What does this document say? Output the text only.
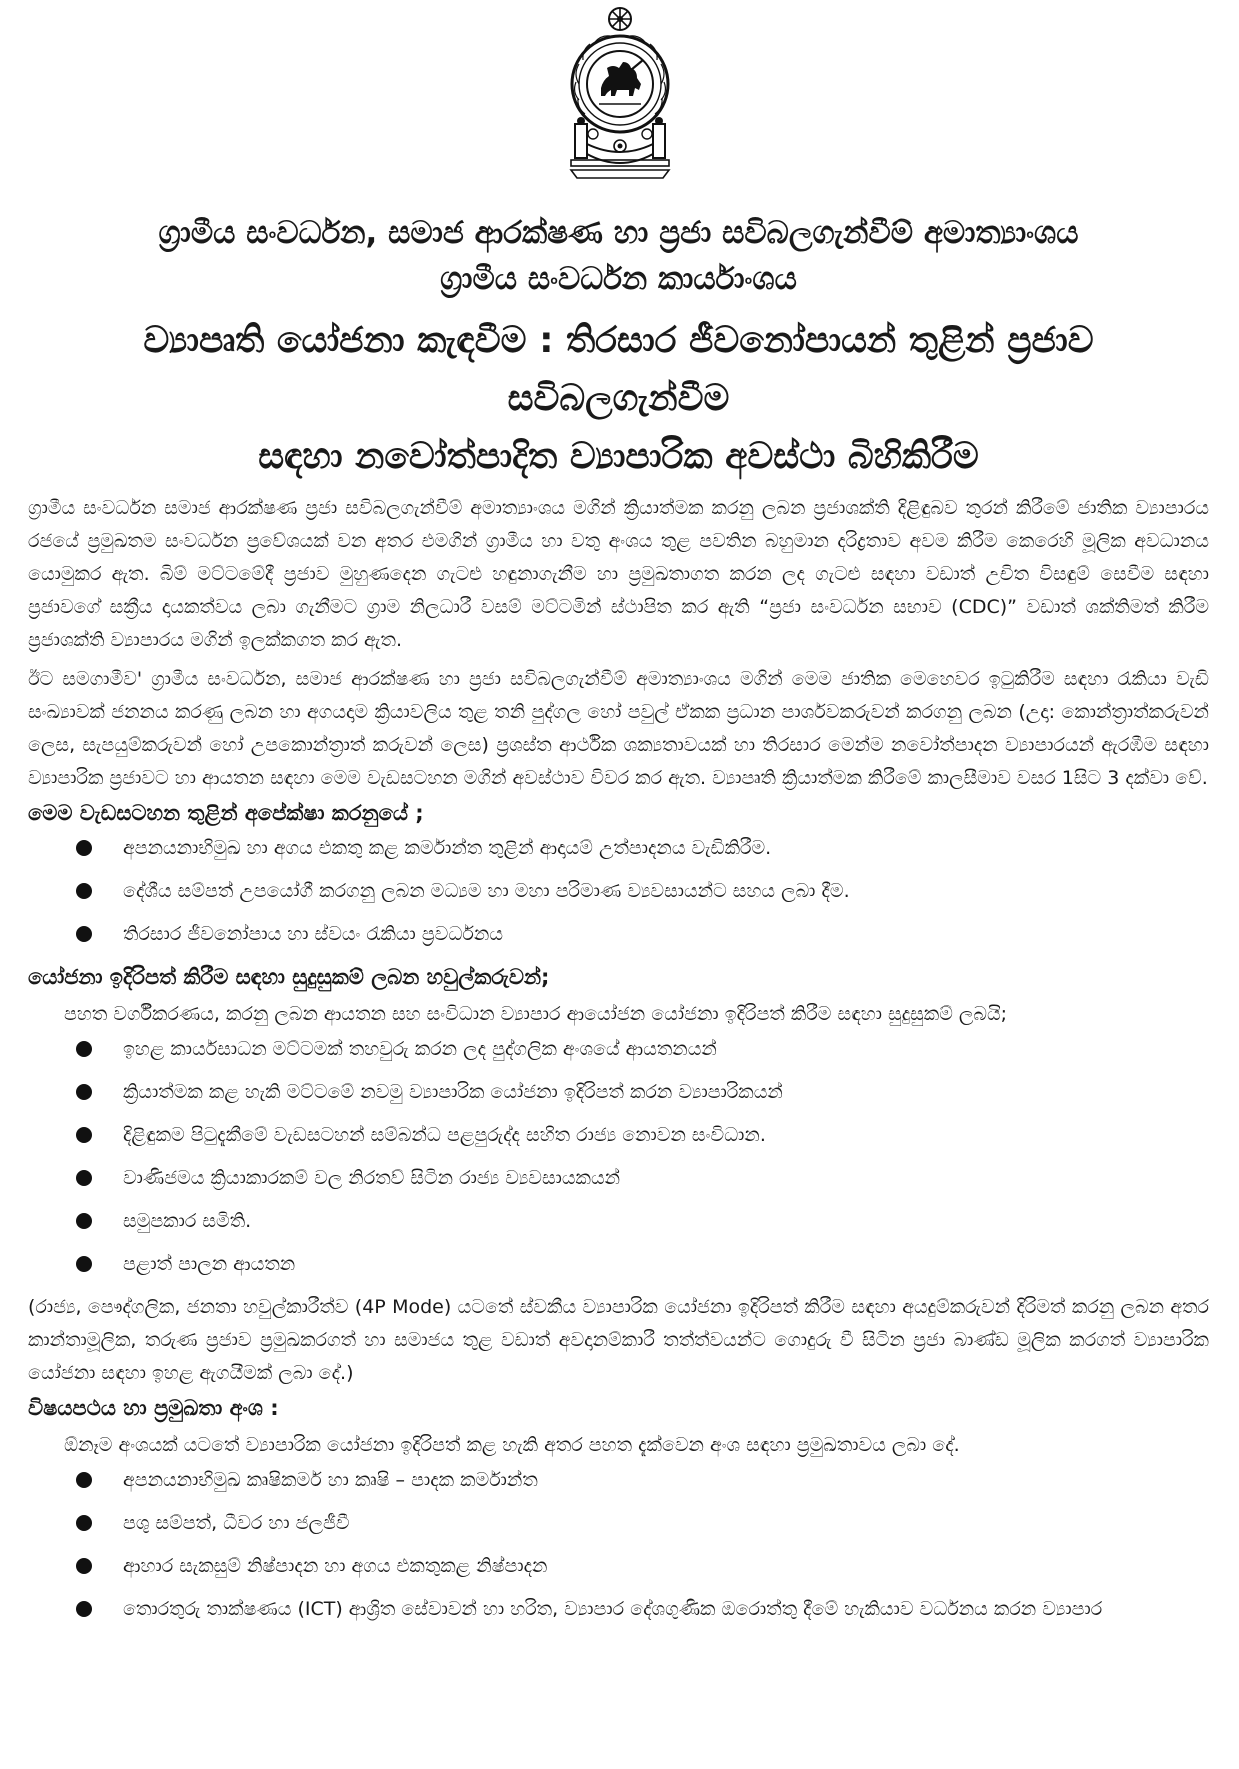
ග්‍රාමීය සංවර්ධන, සමාජ ආරක්ෂණ හා ප්‍රජා සවිබලගැන්වීම් අමාත්‍යාංශය
ග්‍රාමීය සංවර්ධන කාර්යාංශය
ව්‍යාපෘති යෝජනා කැඳවීම : තිරසාර ජීවනෝපායන් තුළින් ප්‍රජාව සවිබලගැන්වීම
සඳහා නවෝත්පාදිත ව්‍යාපාරික අවස්ථා බිහිකිරීම

ග්‍රාමීය සංවර්ධන සමාජ ආරක්ෂණ ප්‍රජා සවිබලගැන්වීම් අමාත්‍යාංශය මගින් ක්‍රියාත්මක කරනු ලබන ප්‍රජාශක්ති දිළිඳුබව තුරන් කිරීමේ ජාතික ව්‍යාපාරය රජයේ ප්‍රමුඛතම සංවර්ධන ප්‍රවේශයක් වන අතර එමගින් ග්‍රාමීය හා වතු අංශය තුළ පවතින බහුමාන දරිද්‍රතාව අවම කිරීම කෙරෙහි මූලික අවධානය යොමුකර ඇත. බිම් මට්ටමේදී ප්‍රජාව මුහුණදෙන ගැටළු හඳුනාගැනීම හා ප්‍රමුඛතාගත කරන ලද ගැටළු සඳහා වඩාත් උචිත විසඳුම් සෙවීම සඳහා ප්‍රජාවගේ සක්‍රීය දායකත්වය ලබා ගැනීමට ග්‍රාම නිලධාරී වසම් මට්ටමින් ස්ථාපිත කර ඇති “ප්‍රජා සංවර්ධන සභාව (CDC)” වඩාත් ශක්තිමත් කිරීම ප්‍රජාශක්ති ව්‍යාපාරය මගින් ඉලක්කගත කර ඇත.

ඊට සමගාමීව' ග්‍රාමීය සංවර්ධන, සමාජ ආරක්ෂණ හා ප්‍රජා සවිබලගැන්වීම් අමාත්‍යාංශය මගින් මෙම ජාතික මෙහෙවර ඉටුකිරීම සඳහා රැකියා වැඩි සංඛ්‍යාවක් ජනනය කරණු ලබන හා අගයදාම ක්‍රියාවලිය තුළ තනි පුද්ගල හෝ පවුල් ඒකක ප්‍රධාන පාර්ශවකරුවන් කරගනු ලබන (උදා: කොන්ත්‍රාත්කරුවන් ලෙස, සැපයුම්කරුවන් හෝ උපකොන්ත්‍රාත් කරුවන් ලෙස) ප්‍රශස්ත ආර්ථික ශක්‍යතාවයක් හා තිරසාර මෙන්ම නවෝත්පාදන ව්‍යාපාරයන් ඇරඹීම සඳහා ව්‍යාපාරික ප්‍රජාවට හා ආයතන සඳහා මෙම වැඩසටහන මගින් අවස්ථාව විවර කර ඇත. ව්‍යාපෘති ක්‍රියාත්මක කිරීමේ කාලසීමාව වසර 1සිට 3 දක්වා වේ.

මෙම වැඩසටහන තුළින් අපේක්ෂා කරනුයේ ;
අපනයනාභිමුඛ හා අගය එකතු කළ කර්මාන්ත තුළින් ආදායම් උත්පාදනය වැඩිකිරීම.
දේශීය සම්පත් උපයෝගී කරගනු ලබන මධ්‍යම හා මහා පරිමාණ ව්‍යවසායන්ට සහය ලබා දීම.
තිරසාර ජීවනෝපාය හා ස්වයං රැකියා ප්‍රවර්ධනය
යෝජනා ඉදිරිපත් කිරීම සඳහා සුදුසුකම් ලබන හවුල්කරුවන්;
පහත වර්ගීකරණය, කරනු ලබන ආයතන සහ සංවිධාන ව්‍යාපාර ආයෝජන යෝජනා ඉදිරිපත් කිරීම සඳහා සුදුසුකම් ලබයි;
ඉහළ කාර්යසාධන මට්ටමක් තහවුරු කරන ලද පුද්ගලික අංශයේ ආයතනයන්
ක්‍රියාත්මක කළ හැකි මට්ටමේ නවමු ව්‍යාපාරික යෝජනා ඉදිරිපත් කරන ව්‍යාපාරිකයන්
දිළිඳුකම පිටුදැකීමේ වැඩසටහන් සම්බන්ධ පළපුරුද්ද සහිත රාජ්‍ය නොවන සංවිධාන.
වාණිජමය ක්‍රියාකාරකම් වල නිරතව් සිටින රාජ්‍ය ව්‍යවසායකයන්
සමුපකාර සමිති.
පළාත් පාලන ආයතන

(රාජ්‍ය, පෞද්ගලික, ජනතා හවුල්කාරීත්ව (4P Mode) යටතේ ස්වකීය ව්‍යාපාරික යෝජනා ඉදිරිපත් කිරීම සඳහා අයදුම්කරුවන් දිරිමත් කරනු ලබන අතර කාන්තාමූලික, තරුණ ප්‍රජාව ප්‍රමුඛකරගත් හා සමාජය තුළ වඩාත් අවදානම්කාරී තත්ත්වයන්ට ගොදුරු වී සිටින ප්‍රජා බාණ්ඩ මූලික කරගත් ව්‍යාපාරික යෝජනා සඳහා ඉහළ ඇගයීමක් ලබා දේ.)

විෂයපථය හා ප්‍රමුඛතා අංශ :
ඕනෑම අංශයක් යටතේ ව්‍යාපාරික යෝජනා ඉදිරිපත් කළ හැකි අතර පහත දැක්වෙන අංශ සඳහා ප්‍රමුඛතාවය ලබා දේ.
අපනයනාභිමුඛ කෘෂිකර්ම හා කෘෂි – පාදක කර්මාන්ත
පශු සම්පත්, ධීවර හා ජලජීවී
ආහාර සැකසුම් නිෂ්පාදන හා අගය එකතුකළ නිෂ්පාදන
තොරතුරු තාක්ෂණය (ICT) ආශ්‍රිත සේවාවන් හා හරිත, ව්‍යාපාර දේශගුණික ඔරොත්තු දීමේ හැකියාව වර්ධනය කරන ව්‍යාපාර
